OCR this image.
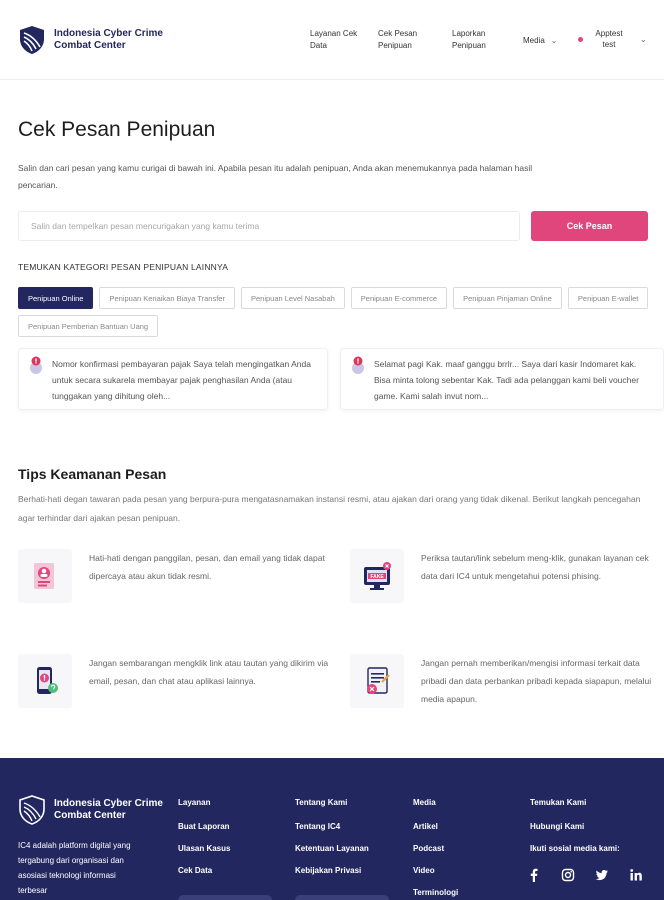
Indonesia Cyber Crime Combat Center
Layanan Cek Data
Cek Pesan Penipuan
Laporkan Penipuan
Media ⌄
Apptest test
⌄
Cek Pesan Penipuan

Salin dan cari pesan yang kamu curigai di bawah ini. Apabila pesan itu adalah penipuan, Anda akan menemukannya pada halaman hasil pencarian.

Salin dan tempelkan pesan mencurigakan yang kamu terima
Cek Pesan
TEMUKAN KATEGORI PESAN PENIPUAN LAINNYA
Penipuan Online	Penipuan Kenaikan Biaya Transfer	Penipuan Level Nasabah	Penipuan E-commerce	Penipuan Pinjaman Online	Penipuan E-wallet
Penipuan Pemberian Bantuan Uang
Nomor konfirmasi pembayaran pajak Saya telah mengingatkan Anda untuk secara sukarela membayar pajak penghasilan Anda (atau tunggakan yang dihitung oleh...
Selamat pagi Kak. maaf ganggu brrlr... Saya dari kasir Indomaret kak. Bisa minta tolong sebentar Kak. Tadi ada pelanggan kami beli voucher game. Kami salah invut nom...
Tips Keamanan Pesan

Berhati-hati degan tawaran pada pesan yang berpura-pura mengatasnamakan instansi resmi, atau ajakan dari orang yang tidak dikenal. Berikut langkah pencegahan agar terhindar dari ajakan pesan penipuan.

Hati-hati dengan panggilan, pesan, dan email yang tidak dapat dipercaya atau akun tidak resmi.	FAKE
Periksa tautan/link sebelum meng-klik, gunakan layanan cek data dari IC4 untuk mengetahui potensi phising.
Jangan sembarangan mengklik link atau tautan yang dikirim via email, pesan, dan chat atau aplikasi lainnya.
Jangan pernah memberikan/mengisi informasi terkait data pribadi dan data perbankan pribadi kepada siapapun, melalui media apapun.
Indonesia Cyber Crime Combat Center
IC4 adalah platform digital yang tergabung dari organisasi dan asosiasi teknologi informasi terbesar
Layanan
Buat Laporan
Ulasan Kasus
Cek Data
Tentang Kami
Tentang IC4
Ketentuan Layanan
Kebijakan Privasi
Media
Artikel
Podcast
Video
Terminologi
Temukan Kami
Hubungi Kami
Ikuti sosial media kami:
